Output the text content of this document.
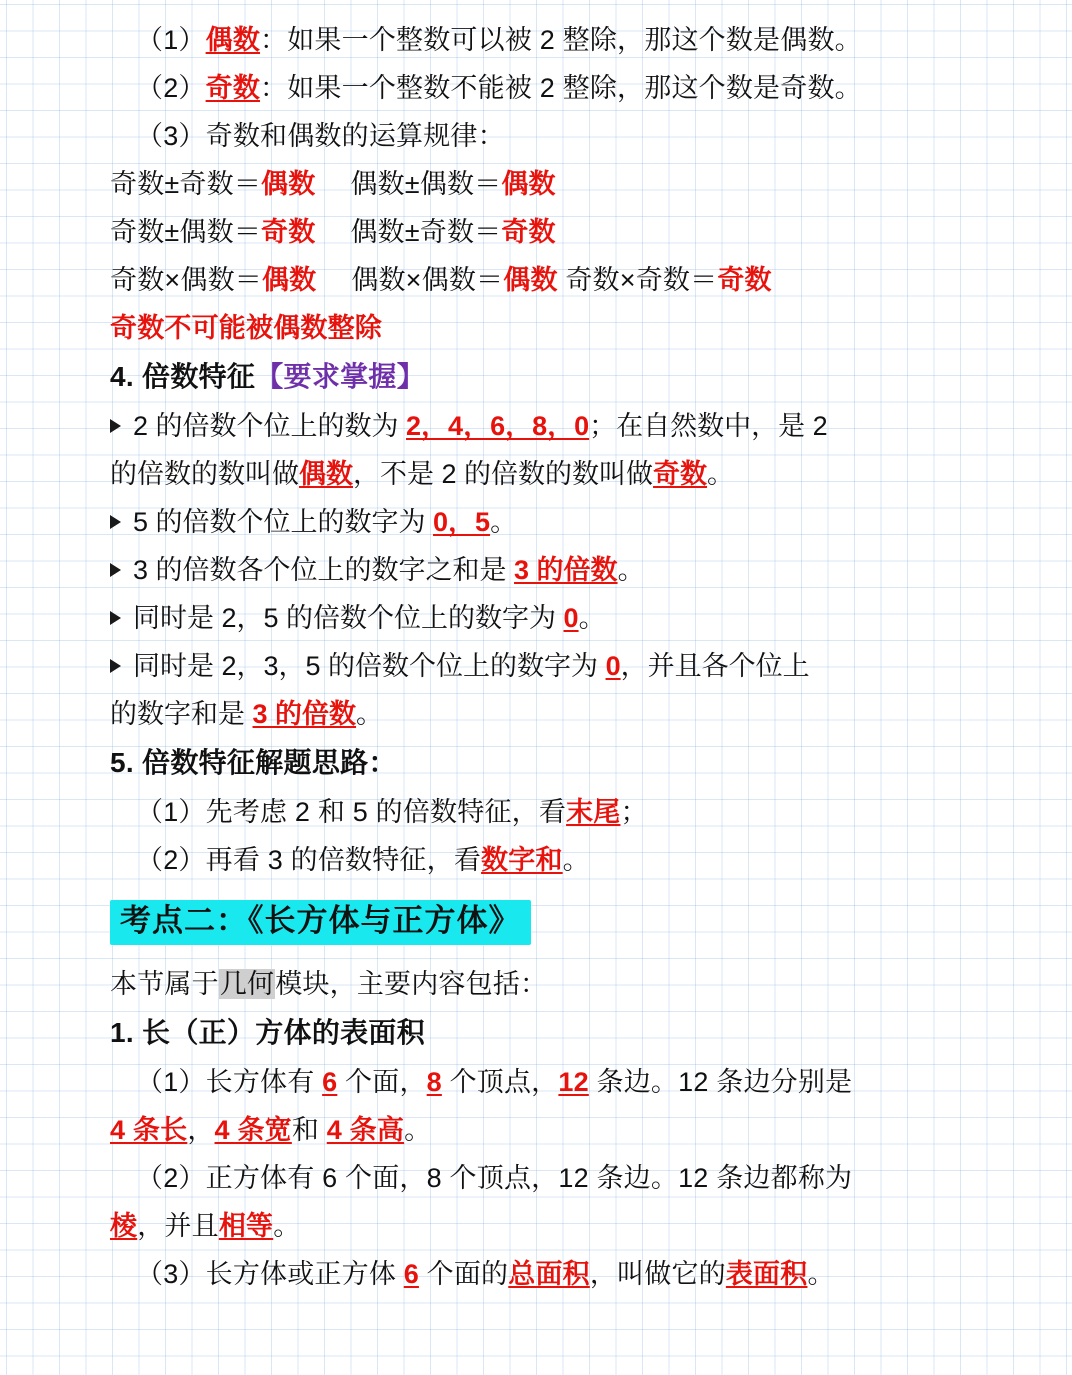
（1）偶数：如果一个整数可以被 2 整除，那这个数是偶数。
（2）奇数：如果一个整数不能被 2 整除，那这个数是奇数。
（3）奇数和偶数的运算规律：
奇数±奇数＝偶数　 偶数±偶数＝偶数
奇数±偶数＝奇数　 偶数±奇数＝奇数
奇数×偶数＝偶数　 偶数×偶数＝偶数 奇数×奇数＝奇数
奇数不可能被偶数整除
4. 倍数特征【要求掌握】
2 的倍数个位上的数为 2，4，6，8，0；在自然数中，是 2
的倍数的数叫做偶数，不是 2 的倍数的数叫做奇数。
5 的倍数个位上的数字为 0，5。
3 的倍数各个位上的数字之和是 3 的倍数。
同时是 2，5 的倍数个位上的数字为 0。
同时是 2，3，5 的倍数个位上的数字为 0，并且各个位上
的数字和是 3 的倍数。
5. 倍数特征解题思路：
（1）先考虑 2 和 5 的倍数特征，看末尾；
（2）再看 3 的倍数特征，看数字和。
考点二：《长方体与正方体》
本节属于几何模块，主要内容包括：
1. 长（正）方体的表面积
（1）长方体有 6 个面，8 个顶点，12 条边。12 条边分别是
4 条长，4 条宽和 4 条高。
（2）正方体有 6 个面，8 个顶点，12 条边。12 条边都称为
棱，并且相等。
（3）长方体或正方体 6 个面的总面积，叫做它的表面积。
